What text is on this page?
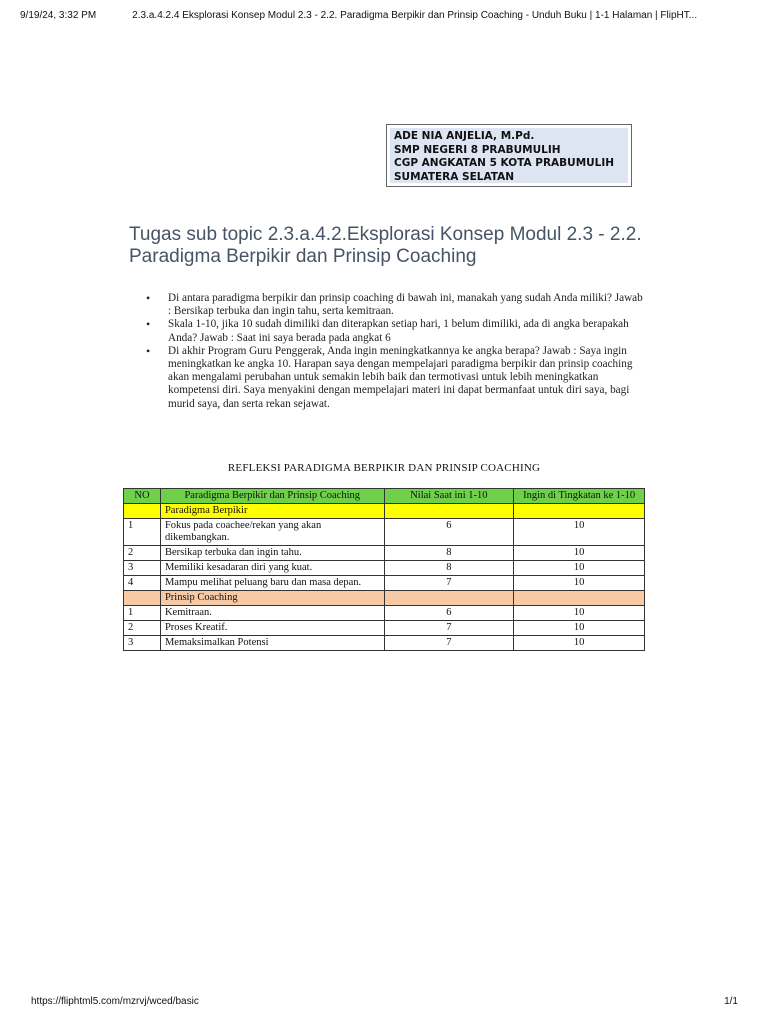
9/19/24, 3:32 PM	2.3.a.4.2.4 Eksplorasi Konsep Modul 2.3 - 2.2. Paradigma Berpikir dan Prinsip Coaching - Unduh Buku | 1-1 Halaman | FlipHT...
ADE NIA ANJELIA, M.Pd.
SMP NEGERI 8 PRABUMULIH
CGP ANGKATAN 5 KOTA PRABUMULIH
SUMATERA SELATAN
Tugas sub topic 2.3.a.4.2.Eksplorasi Konsep Modul 2.3 - 2.2. Paradigma Berpikir dan Prinsip Coaching
• Di antara paradigma berpikir dan prinsip coaching di bawah ini, manakah yang sudah Anda miliki? Jawab : Bersikap terbuka dan ingin tahu, serta kemitraan.
• Skala 1-10, jika 10 sudah dimiliki dan diterapkan setiap hari, 1 belum dimiliki, ada di angka berapakah Anda? Jawab : Saat ini saya berada pada angkat 6
• Di akhir Program Guru Penggerak, Anda ingin meningkatkannya ke angka berapa? Jawab : Saya ingin meningkatkan ke angka 10. Harapan saya dengan mempelajari paradigma berpikir dan prinsip coaching akan mengalami perubahan untuk semakin lebih baik dan termotivasi untuk lebih meningkatkan kompetensi diri. Saya menyakini dengan mempelajari materi ini dapat bermanfaat untuk diri saya, bagi murid saya, dan serta rekan sejawat.
REFLEKSI PARADIGMA BERPIKIR DAN PRINSIP COACHING
NO	Paradigma Berpikir dan Prinsip Coaching	Nilai Saat ini 1-10	Ingin di Tingkatan ke 1-10
	Paradigma Berpikir		
1	Fokus pada coachee/rekan yang akan dikembangkan.	6	10
2	Bersikap terbuka dan ingin tahu.	8	10
3	Memiliki kesadaran diri yang kuat.	8	10
4	Mampu melihat peluang baru dan masa depan.	7	10
	Prinsip Coaching		
1	Kemitraan.	6	10
2	Proses Kreatif.	7	10
3	Memaksimalkan Potensi	7	10
https://fliphtml5.com/mzrvj/wced/basic	1/1
